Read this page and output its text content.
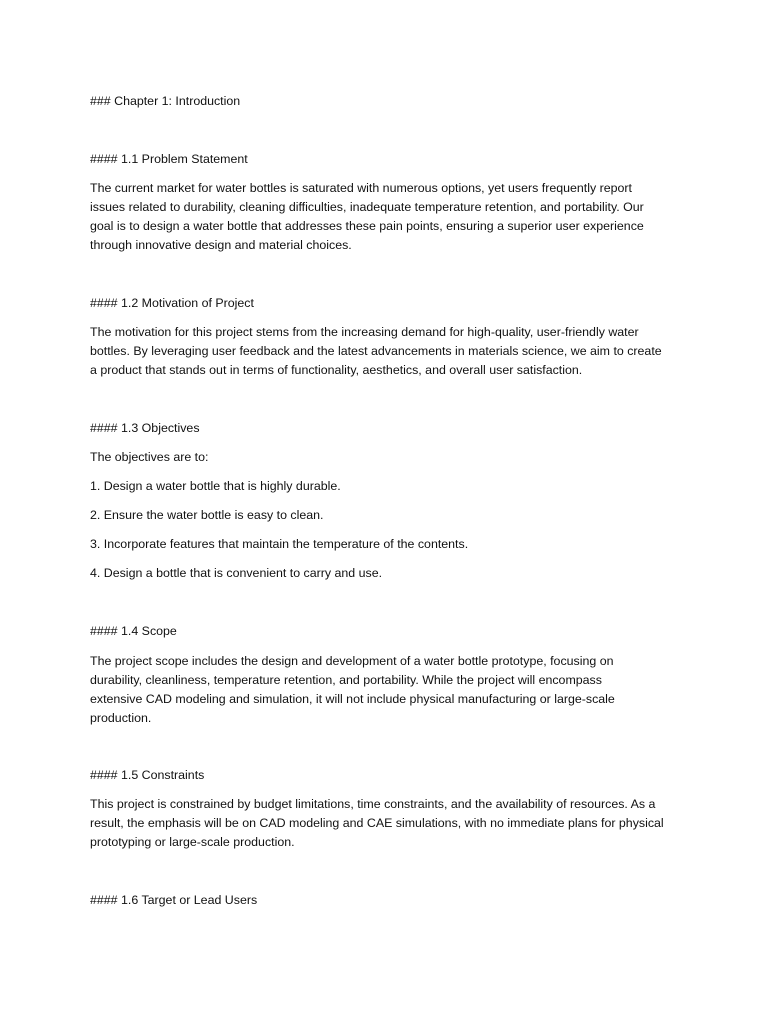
### Chapter 1: Introduction

#### 1.1 Problem Statement

The current market for water bottles is saturated with numerous options, yet users frequently report
issues related to durability, cleaning difficulties, inadequate temperature retention, and portability. Our
goal is to design a water bottle that addresses these pain points, ensuring a superior user experience
through innovative design and material choices.

#### 1.2 Motivation of Project

The motivation for this project stems from the increasing demand for high-quality, user-friendly water
bottles. By leveraging user feedback and the latest advancements in materials science, we aim to create
a product that stands out in terms of functionality, aesthetics, and overall user satisfaction.

#### 1.3 Objectives

The objectives are to:

1. Design a water bottle that is highly durable.

2. Ensure the water bottle is easy to clean.

3. Incorporate features that maintain the temperature of the contents.

4. Design a bottle that is convenient to carry and use.

#### 1.4 Scope

The project scope includes the design and development of a water bottle prototype, focusing on
durability, cleanliness, temperature retention, and portability. While the project will encompass
extensive CAD modeling and simulation, it will not include physical manufacturing or large-scale
production.

#### 1.5 Constraints

This project is constrained by budget limitations, time constraints, and the availability of resources. As a
result, the emphasis will be on CAD modeling and CAE simulations, with no immediate plans for physical
prototyping or large-scale production.

#### 1.6 Target or Lead Users
